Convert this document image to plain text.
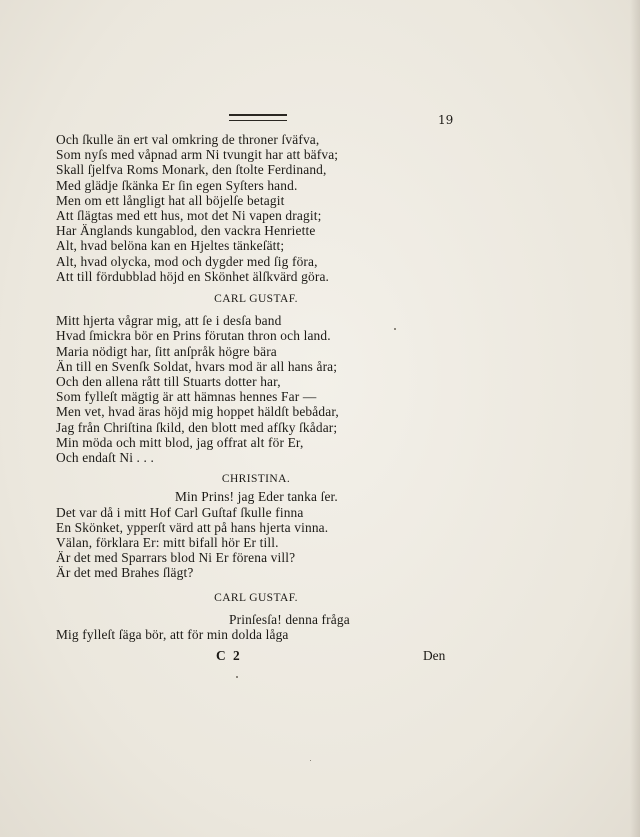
19
Och ſkulle än ert val omkring de throner ſväfva,
Som nyſs med våpnad arm Ni tvungit har att bäfva;
Skall ſjelfva Roms Monark, den ſtolte Ferdinand,
Med glädje ſkänka Er ſin egen Syſters hand.
Men om ett långligt hat all böjelſe betagit
Att ſlägtas med ett hus, mot det Ni vapen dragit;
Har Änglands kungablod, den vackra Henriette
Alt, hvad belöna kan en Hjeltes tänkeſätt;
Alt, hvad olycka, mod och dygder med ſig föra,
Att till fördubblad höjd en Skönhet älſkvärd göra.
CARL GUSTAF.
Mitt hjerta vågrar mig, att ſe i desſa band
Hvad ſmickra bör en Prins förutan thron och land.
Maria nödigt har, ſitt anſpråk högre bära
Än till en Svenſk Soldat, hvars mod är all hans åra;
Och den allena rått till Stuarts dotter har,
Som fylleſt mägtig är att hämnas hennes Far —
Men vet, hvad äras höjd mig hoppet häldſt bebådar,
Jag från Chriſtina ſkild, den blott med afſky ſkådar;
Min möda och mitt blod, jag offrat alt för Er,
Och endaſt Ni . . .
CHRISTINA.
Min Prins! jag Eder tanka ſer.
Det var då i mitt Hof Carl Guſtaf ſkulle finna
En Skönket, ypperſt värd att på hans hjerta vinna.
Välan, förklara Er: mitt bifall hör Er till.
Är det med Sparrars blod Ni Er förena vill?
Är det med Brahes ſlägt?
CARL GUSTAF.
Prinſesſa! denna fråga
Mig fylleſt ſäga bör, att för min dolda låga
C 2	Den
